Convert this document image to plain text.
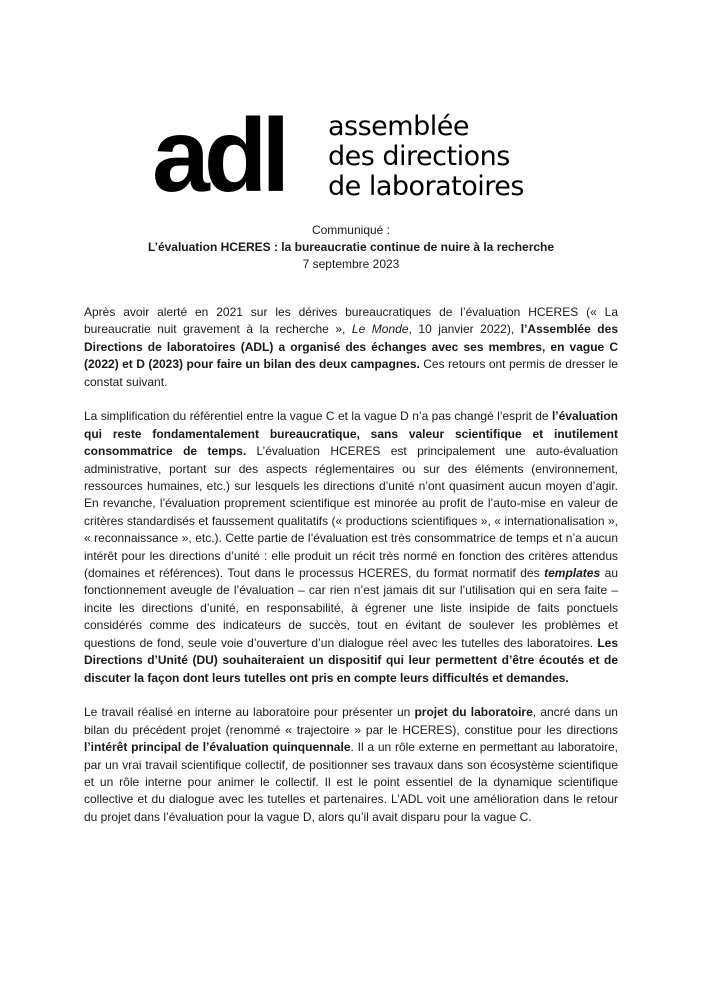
adl assemblée
des directions
de laboratoires
Communiqué :
L’évaluation HCERES : la bureaucratie continue de nuire à la recherche
7 septembre 2023

Après avoir alerté en 2021 sur les dérives bureaucratiques de l’évaluation HCERES (« La bureaucratie nuit gravement à la recherche », Le Monde, 10 janvier 2022), l’Assemblée des Directions de laboratoires (ADL) a organisé des échanges avec ses membres, en vague C (2022) et D (2023) pour faire un bilan des deux campagnes. Ces retours ont permis de dresser le constat suivant.

La simplification du référentiel entre la vague C et la vague D n’a pas changé l’esprit de l’évaluation qui reste fondamentalement bureaucratique, sans valeur scientifique et inutilement consommatrice de temps. L’évaluation HCERES est principalement une auto-évaluation administrative, portant sur des aspects réglementaires ou sur des éléments (environnement, ressources humaines, etc.) sur lesquels les directions d’unité n’ont quasiment aucun moyen d’agir. En revanche, l’évaluation proprement scientifique est minorée au profit de l’auto-mise en valeur de critères standardisés et faussement qualitatifs (« productions scientifiques », « internationalisation », « reconnaissance », etc.). Cette partie de l’évaluation est très consommatrice de temps et n’a aucun intérêt pour les directions d’unité : elle produit un récit très normé en fonction des critères attendus (domaines et références). Tout dans le processus HCERES, du format normatif des templates au fonctionnement aveugle de l’évaluation – car rien n’est jamais dit sur l’utilisation qui en sera faite – incite les directions d’unité, en responsabilité, à égrener une liste insipide de faits ponctuels considérés comme des indicateurs de succès, tout en évitant de soulever les problèmes et questions de fond, seule voie d’ouverture d’un dialogue réel avec les tutelles des laboratoires. Les Directions d’Unité (DU) souhaiteraient un dispositif qui leur permettent d’être écoutés et de discuter la façon dont leurs tutelles ont pris en compte leurs difficultés et demandes.

Le travail réalisé en interne au laboratoire pour présenter un projet du laboratoire, ancré dans un bilan du précédent projet (renommé « trajectoire » par le HCERES), constitue pour les directions l’intérêt principal de l’évaluation quinquennale. Il a un rôle externe en permettant au laboratoire, par un vrai travail scientifique collectif, de positionner ses travaux dans son écosystème scientifique et un rôle interne pour animer le collectif. Il est le point essentiel de la dynamique scientifique collective et du dialogue avec les tutelles et partenaires. L’ADL voit une amélioration dans le retour du projet dans l’évaluation pour la vague D, alors qu’il avait disparu pour la vague C.
